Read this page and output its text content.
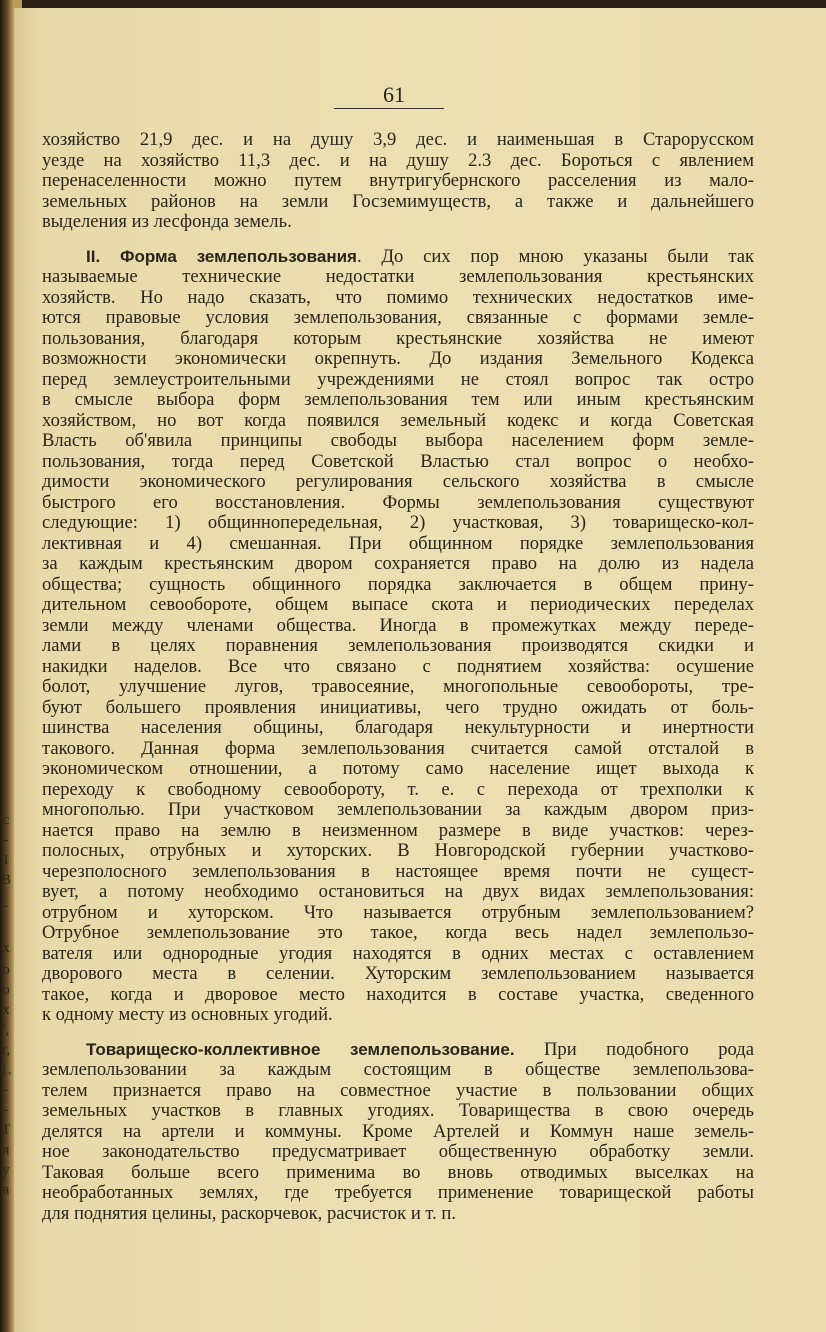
c
-
1
B
-
x
b
o
x
',
r,
1.
-
-
T
я
y
a
61
хозяйство 21,9 дес. и на душу 3,9 дес. и наименьшая в Старорусском
уезде на хозяйство 11,3 дес. и на душу 2.3 дес. Бороться с явлением
перенаселенности можно путем внутригубернского расселения из мало-
земельных районов на земли Госземимуществ, а также и дальнейшего
выделения из лесфонда земель.
II. Форма землепользования. До сих пор мною указаны были так
называемые технические недостатки землепользования крестьянских
хозяйств. Но надо сказать, что помимо технических недостатков име-
ются правовые условия землепользования, связанные с формами земле-
пользования, благодаря которым крестьянские хозяйства не имеют
возможности экономически окрепнуть. До издания Земельного Кодекса
перед землеустроительными учреждениями не стоял вопрос так остро
в смысле выбора форм землепользования тем или иным крестьянским
хозяйством, но вот когда появился земельный кодекс и когда Советская
Власть об'явила принципы свободы выбора населением форм земле-
пользования, тогда перед Советской Властью стал вопрос о необхо-
димости экономического регулирования сельского хозяйства в смысле
быстрого его восстановления. Формы землепользования существуют
следующие: 1) общиннопередельная, 2) участковая, 3) товарищеско-кол-
лективная и 4) смешанная. При общинном порядке землепользования
за каждым крестьянским двором сохраняется право на долю из надела
общества; сущность общинного порядка заключается в общем прину-
дительном севообороте, общем выпасе скота и периодических переделах
земли между членами общества. Иногда в промежутках между переде-
лами в целях поравнения землепользования производятся скидки и
накидки наделов. Все что связано с поднятием хозяйства: осушение
болот, улучшение лугов, травосеяние, многопольные севообороты, тре-
буют большего проявления инициативы, чего трудно ожидать от боль-
шинства населения общины, благодаря некультурности и инертности
такового. Данная форма землепользования считается самой отсталой в
экономическом отношении, а потому само население ищет выхода к
переходу к свободному севообороту, т. е. с перехода от трехполки к
многополью. При участковом землепользовании за каждым двором приз-
нается право на землю в неизменном размере в виде участков: через-
полосных, отрубных и хуторских. В Новгородской губернии участково-
черезполосного землепользования в настоящее время почти не сущест-
вует, а потому необходимо остановиться на двух видах землепользования:
отрубном и хуторском. Что называется отрубным землепользованием?
Отрубное землепользование это такое, когда весь надел землепользо-
вателя или однородные угодия находятся в одних местах с оставлением
дворового места в селении. Хуторским землепользованием называется
такое, когда и дворовое место находится в составе участка, сведенного
к одному месту из основных угодий.
Товарищеско-коллективное землепользование. При подобного рода
землепользовании за каждым состоящим в обществе землепользова-
телем признается право на совместное участие в пользовании общих
земельных участков в главных угодиях. Товарищества в свою очередь
делятся на артели и коммуны. Кроме Артелей и Коммун наше земель-
ное законодательство предусматривает общественную обработку земли.
Таковая больше всего применима во вновь отводимых выселках на
необработанных землях, где требуется применение товарищеской работы
для поднятия целины, раскорчевок, расчисток и т. п.
